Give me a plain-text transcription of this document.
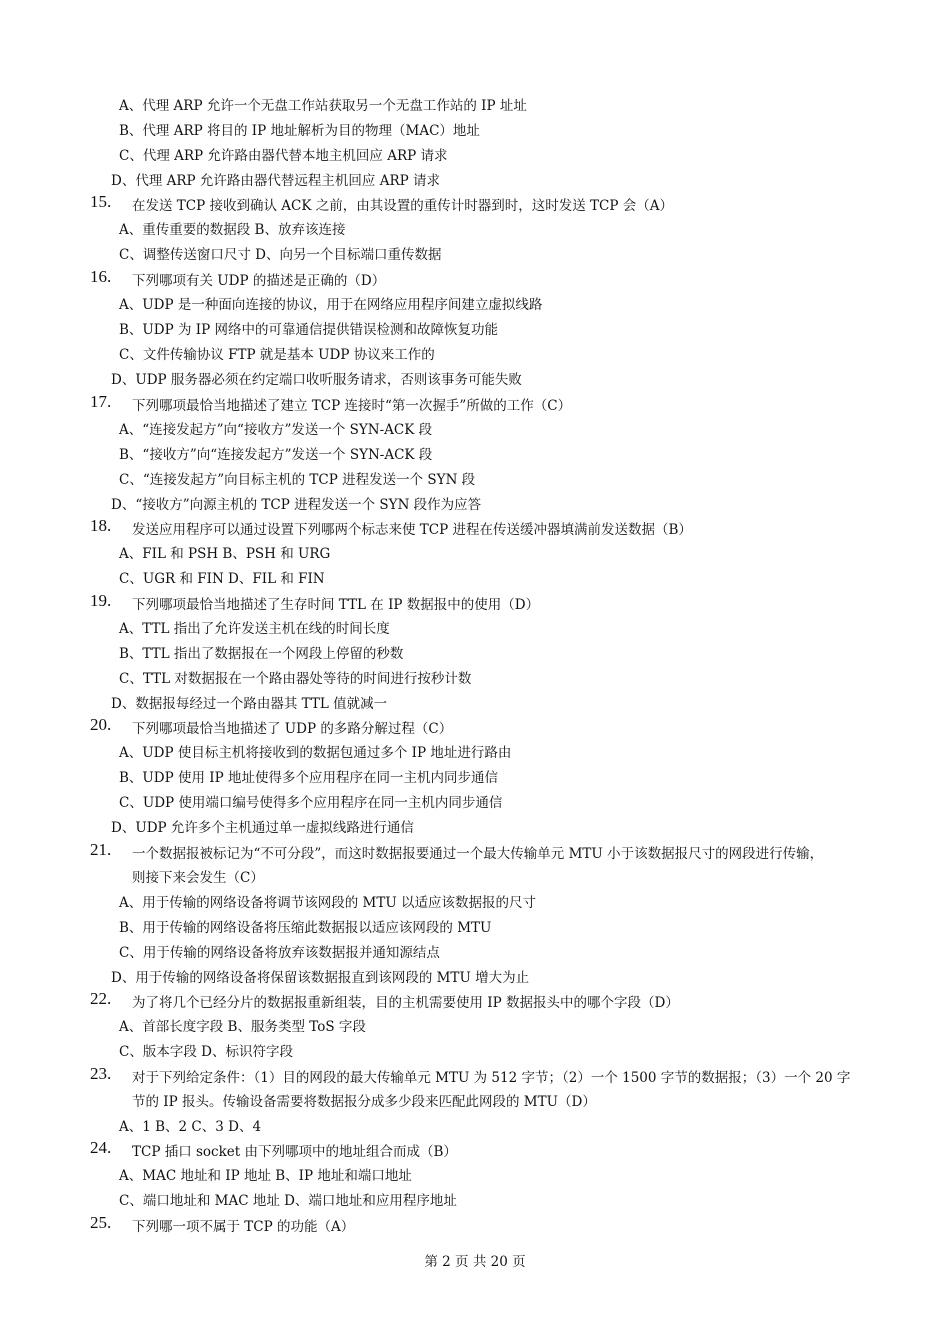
A、代理 ARP 允许一个无盘工作站获取另一个无盘工作站的 IP 址址
B、代理 ARP 将目的 IP 地址解析为目的物理（MAC）地址
C、代理 ARP 允许路由器代替本地主机回应 ARP 请求
D、代理 ARP 允许路由器代替远程主机回应 ARP 请求
15. 在发送 TCP 接收到确认 ACK 之前，由其设置的重传计时器到时，这时发送 TCP 会（A）
A、重传重要的数据段 B、放弃该连接
C、调整传送窗口尺寸 D、向另一个目标端口重传数据
16. 下列哪项有关 UDP 的描述是正确的（D）
A、UDP 是一种面向连接的协议，用于在网络应用程序间建立虚拟线路
B、UDP 为 IP 网络中的可靠通信提供错误检测和故障恢复功能
C、文件传输协议 FTP 就是基本 UDP 协议来工作的
D、UDP 服务器必须在约定端口收听服务请求，否则该事务可能失败
17. 下列哪项最恰当地描述了建立 TCP 连接时“第一次握手”所做的工作（C）
A、“连接发起方”向“接收方”发送一个 SYN-ACK 段
B、“接收方”向“连接发起方”发送一个 SYN-ACK 段
C、“连接发起方”向目标主机的 TCP 进程发送一个 SYN 段
D、“接收方”向源主机的 TCP 进程发送一个 SYN 段作为应答
18. 发送应用程序可以通过设置下列哪两个标志来使 TCP 进程在传送缓冲器填满前发送数据（B）
A、FIL 和 PSH B、PSH 和 URG
C、UGR 和 FIN D、FIL 和 FIN
19. 下列哪项最恰当地描述了生存时间 TTL 在 IP 数据报中的使用（D）
A、TTL 指出了允许发送主机在线的时间长度
B、TTL 指出了数据报在一个网段上停留的秒数
C、TTL 对数据报在一个路由器处等待的时间进行按秒计数
D、数据报每经过一个路由器其 TTL 值就减一
20. 下列哪项最恰当地描述了 UDP 的多路分解过程（C）
A、UDP 使目标主机将接收到的数据包通过多个 IP 地址进行路由
B、UDP 使用 IP 地址使得多个应用程序在同一主机内同步通信
C、UDP 使用端口编号使得多个应用程序在同一主机内同步通信
D、UDP 允许多个主机通过单一虚拟线路进行通信
21. 一个数据报被标记为“不可分段”，而这时数据报要通过一个最大传输单元 MTU 小于该数据报尺寸的网段进行传输，
则接下来会发生（C）
A、用于传输的网络设备将调节该网段的 MTU 以适应该数据报的尺寸
B、用于传输的网络设备将压缩此数据报以适应该网段的 MTU
C、用于传输的网络设备将放弃该数据报并通知源结点
D、用于传输的网络设备将保留该数据报直到该网段的 MTU 增大为止
22. 为了将几个已经分片的数据报重新组装，目的主机需要使用 IP 数据报头中的哪个字段（D）
A、首部长度字段 B、服务类型 ToS 字段
C、版本字段 D、标识符字段
23. 对于下列给定条件：（1）目的网段的最大传输单元 MTU 为 512 字节；（2）一个 1500 字节的数据报；（3）一个 20 字
节的 IP 报头。传输设备需要将数据报分成多少段来匹配此网段的 MTU（D）
A、1 B、2 C、3 D、4
24. TCP 插口 socket 由下列哪项中的地址组合而成（B）
A、MAC 地址和 IP 地址 B、IP 地址和端口地址
C、端口地址和 MAC 地址 D、端口地址和应用程序地址
25. 下列哪一项不属于 TCP 的功能（A）
第 2 页 共 20 页
